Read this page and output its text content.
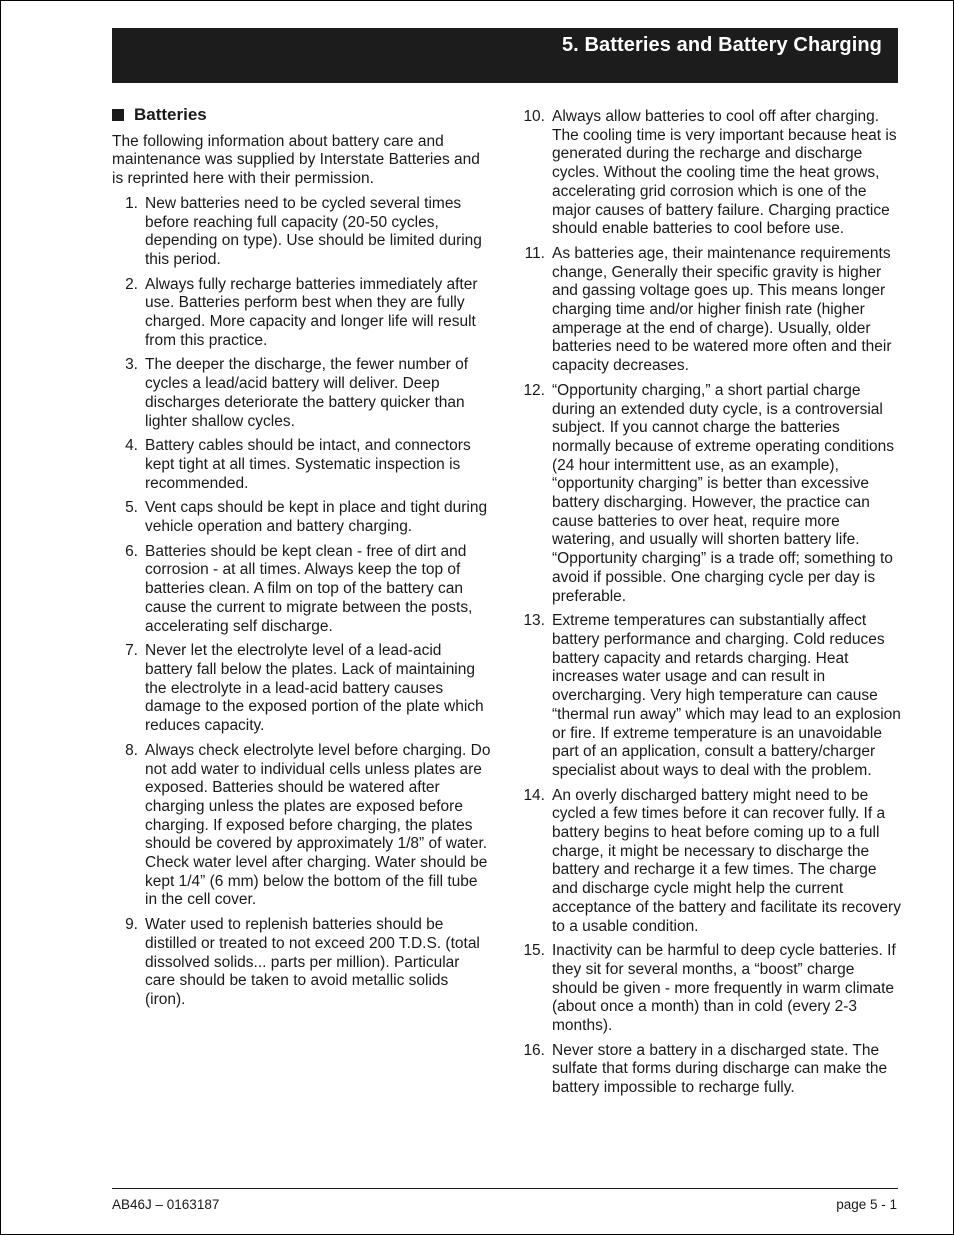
5. Batteries and Battery Charging
Batteries

The following information about battery care and maintenance was supplied by Interstate Batteries and is reprinted here with their permission.

1. New batteries need to be cycled several times before reaching full capacity (20-50 cycles, depending on type). Use should be limited during this period.
2. Always fully recharge batteries immediately after use. Batteries perform best when they are fully charged. More capacity and longer life will result from this practice.
3. The deeper the discharge, the fewer number of cycles a lead/acid battery will deliver. Deep discharges deteriorate the battery quicker than lighter shallow cycles.
4. Battery cables should be intact, and connectors kept tight at all times. Systematic inspection is recommended.
5. Vent caps should be kept in place and tight during vehicle operation and battery charging.
6. Batteries should be kept clean - free of dirt and corrosion - at all times. Always keep the top of batteries clean. A film on top of the battery can cause the current to migrate between the posts, accelerating self discharge.
7. Never let the electrolyte level of a lead-acid battery fall below the plates. Lack of maintaining the electrolyte in a lead-acid battery causes damage to the exposed portion of the plate which reduces capacity.
8. Always check electrolyte level before charging. Do not add water to individual cells unless plates are exposed. Batteries should be watered after charging unless the plates are exposed before charging. If exposed before charging, the plates should be covered by approximately 1/8” of water. Check water level after charging. Water should be kept 1/4” (6 mm) below the bottom of the fill tube in the cell cover.
9. Water used to replenish batteries should be distilled or treated to not exceed 200 T.D.S. (total dissolved solids... parts per million). Particular care should be taken to avoid metallic solids (iron).
10. Always allow batteries to cool off after charging. The cooling time is very important because heat is generated during the recharge and discharge cycles. Without the cooling time the heat grows, accelerating grid corrosion which is one of the major causes of battery failure. Charging practice should enable batteries to cool before use.
11. As batteries age, their maintenance requirements change, Generally their specific gravity is higher and gassing voltage goes up. This means longer charging time and/or higher finish rate (higher amperage at the end of charge). Usually, older batteries need to be watered more often and their capacity decreases.
12. “Opportunity charging,” a short partial charge during an extended duty cycle, is a controversial subject. If you cannot charge the batteries normally because of extreme operating conditions (24 hour intermittent use, as an example), “opportunity charging” is better than excessive battery discharging. However, the practice can cause batteries to over heat, require more watering, and usually will shorten battery life. “Opportunity charging” is a trade off; something to avoid if possible. One charging cycle per day is preferable.
13. Extreme temperatures can substantially affect battery performance and charging. Cold reduces battery capacity and retards charging. Heat increases water usage and can result in overcharging. Very high temperature can cause “thermal run away” which may lead to an explosion or fire. If extreme temperature is an unavoidable part of an application, consult a battery/charger specialist about ways to deal with the problem.
14. An overly discharged battery might need to be cycled a few times before it can recover fully. If a battery begins to heat before coming up to a full charge, it might be necessary to discharge the battery and recharge it a few times. The charge and discharge cycle might help the current acceptance of the battery and facilitate its recovery to a usable condition.
15. Inactivity can be harmful to deep cycle batteries. If they sit for several months, a “boost” charge should be given - more frequently in warm climate (about once a month) than in cold (every 2-3 months).
16. Never store a battery in a discharged state. The sulfate that forms during discharge can make the battery impossible to recharge fully.
AB46J – 0163187	page 5 - 1
